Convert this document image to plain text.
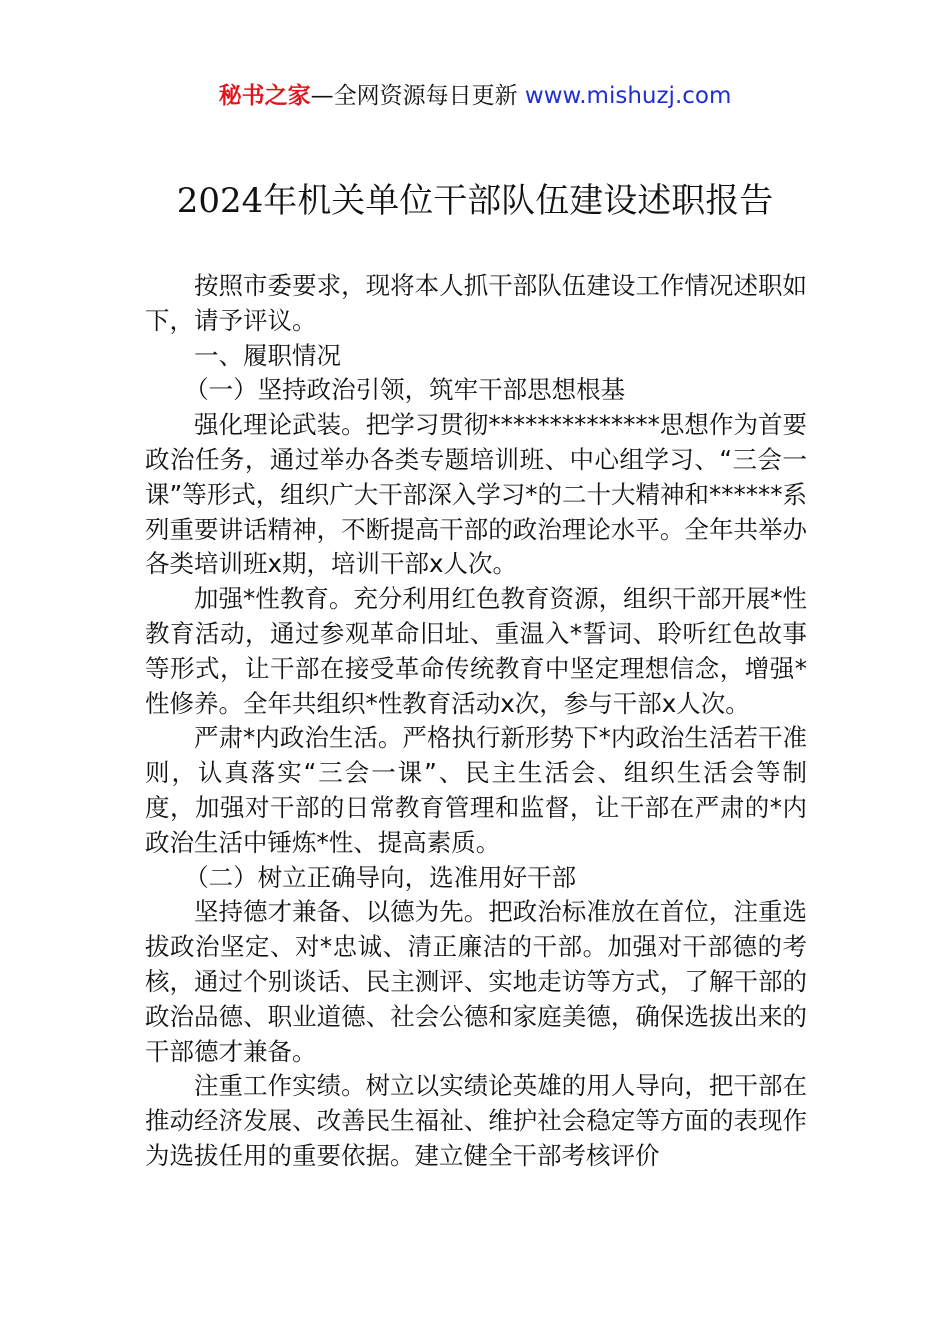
秘书之家—全网资源每日更新 www.mishuzj.com
2024年机关单位干部队伍建设述职报告

按照市委要求，现将本人抓干部队伍建设工作情况述职如下，请予评议。

一、履职情况

（一）坚持政治引领，筑牢干部思想根基

强化理论武装。把学习贯彻**************思想作为首要政治任务，通过举办各类专题培训班、中心组学习、“三会一课”等形式，组织广大干部深入学习*的二十大精神和******系列重要讲话精神，不断提高干部的政治理论水平。全年共举办各类培训班x期，培训干部x人次。

加强*性教育。充分利用红色教育资源，组织干部开展*性教育活动，通过参观革命旧址、重温入*誓词、聆听红色故事等形式，让干部在接受革命传统教育中坚定理想信念，增强*性修养。全年共组织*性教育活动x次，参与干部x人次。

严肃*内政治生活。严格执行新形势下*内政治生活若干准则，认真落实“三会一课”、民主生活会、组织生活会等制度，加强对干部的日常教育管理和监督，让干部在严肃的*内政治生活中锤炼*性、提高素质。

（二）树立正确导向，选准用好干部

坚持德才兼备、以德为先。把政治标准放在首位，注重选拔政治坚定、对*忠诚、清正廉洁的干部。加强对干部德的考核，通过个别谈话、民主测评、实地走访等方式，了解干部的政治品德、职业道德、社会公德和家庭美德，确保选拔出来的干部德才兼备。

注重工作实绩。树立以实绩论英雄的用人导向，把干部在推动经济发展、改善民生福祉、维护社会稳定等方面的表现作为选拔任用的重要依据。建立健全干部考核评价
